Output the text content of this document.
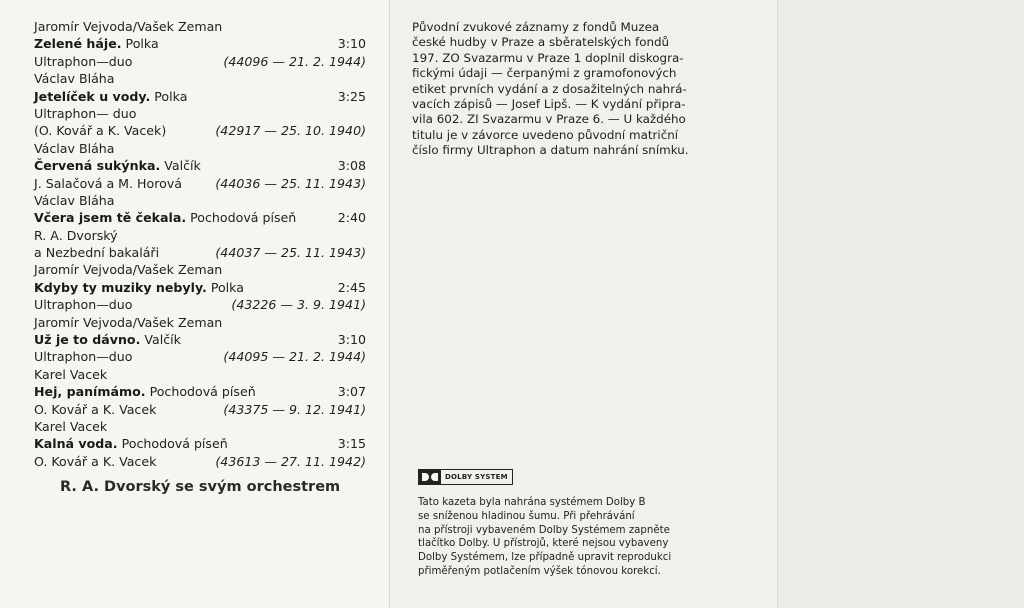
Jaromír Vejvoda/Vašek Zeman
Zelené háje. Polka	3:10
Ultraphon—duo	(44096 — 21. 2. 1944)
Václav Bláha
Jetelíček u vody. Polka	3:25
Ultraphon— duo
(O. Kovář a K. Vacek)	(42917 — 25. 10. 1940)
Václav Bláha
Červená sukýnka. Valčík	3:08
J. Salačová a M. Horová	(44036 — 25. 11. 1943)
Václav Bláha
Včera jsem tě čekala. Pochodová píseň	2:40
R. A. Dvorský
a Nezbední bakaláři	(44037 — 25. 11. 1943)
Jaromír Vejvoda/Vašek Zeman
Kdyby ty muziky nebyly. Polka	2:45
Ultraphon—duo	(43226 — 3. 9. 1941)
Jaromír Vejvoda/Vašek Zeman
Už je to dávno. Valčík	3:10
Ultraphon—duo	(44095 — 21. 2. 1944)
Karel Vacek
Hej, panímámo. Pochodová píseň	3:07
O. Kovář a K. Vacek	(43375 — 9. 12. 1941)
Karel Vacek
Kalná voda. Pochodová píseň	3:15
O. Kovář a K. Vacek	(43613 — 27. 11. 1942)
R. A. Dvorský se svým orchestrem
Původní zvukové záznamy z fondů Muzea
české hudby v Praze a sběratelských fondů
197. ZO Svazarmu v Praze 1 doplnil diskogra-
fickými údaji — čerpanými z gramofonových
etiket prvních vydání a z dosažitelných nahrá-
vacích zápisů — Josef Lipš. — K vydání připra-
vila 602. ZI Svazarmu v Praze 6. — U každého
titulu je v závorce uvedeno původní matriční
číslo firmy Ultraphon a datum nahrání snímku.
DOLBY SYSTEM
Tato kazeta byla nahrána systémem Dolby B
se sníženou hladinou šumu. Při přehrávání
na přístroji vybaveném Dolby Systémem zapněte
tlačítko Dolby. U přístrojů, které nejsou vybaveny
Dolby Systémem, lze případně upravit reprodukci
přiměřeným potlačením výšek tónovou korekcí.
